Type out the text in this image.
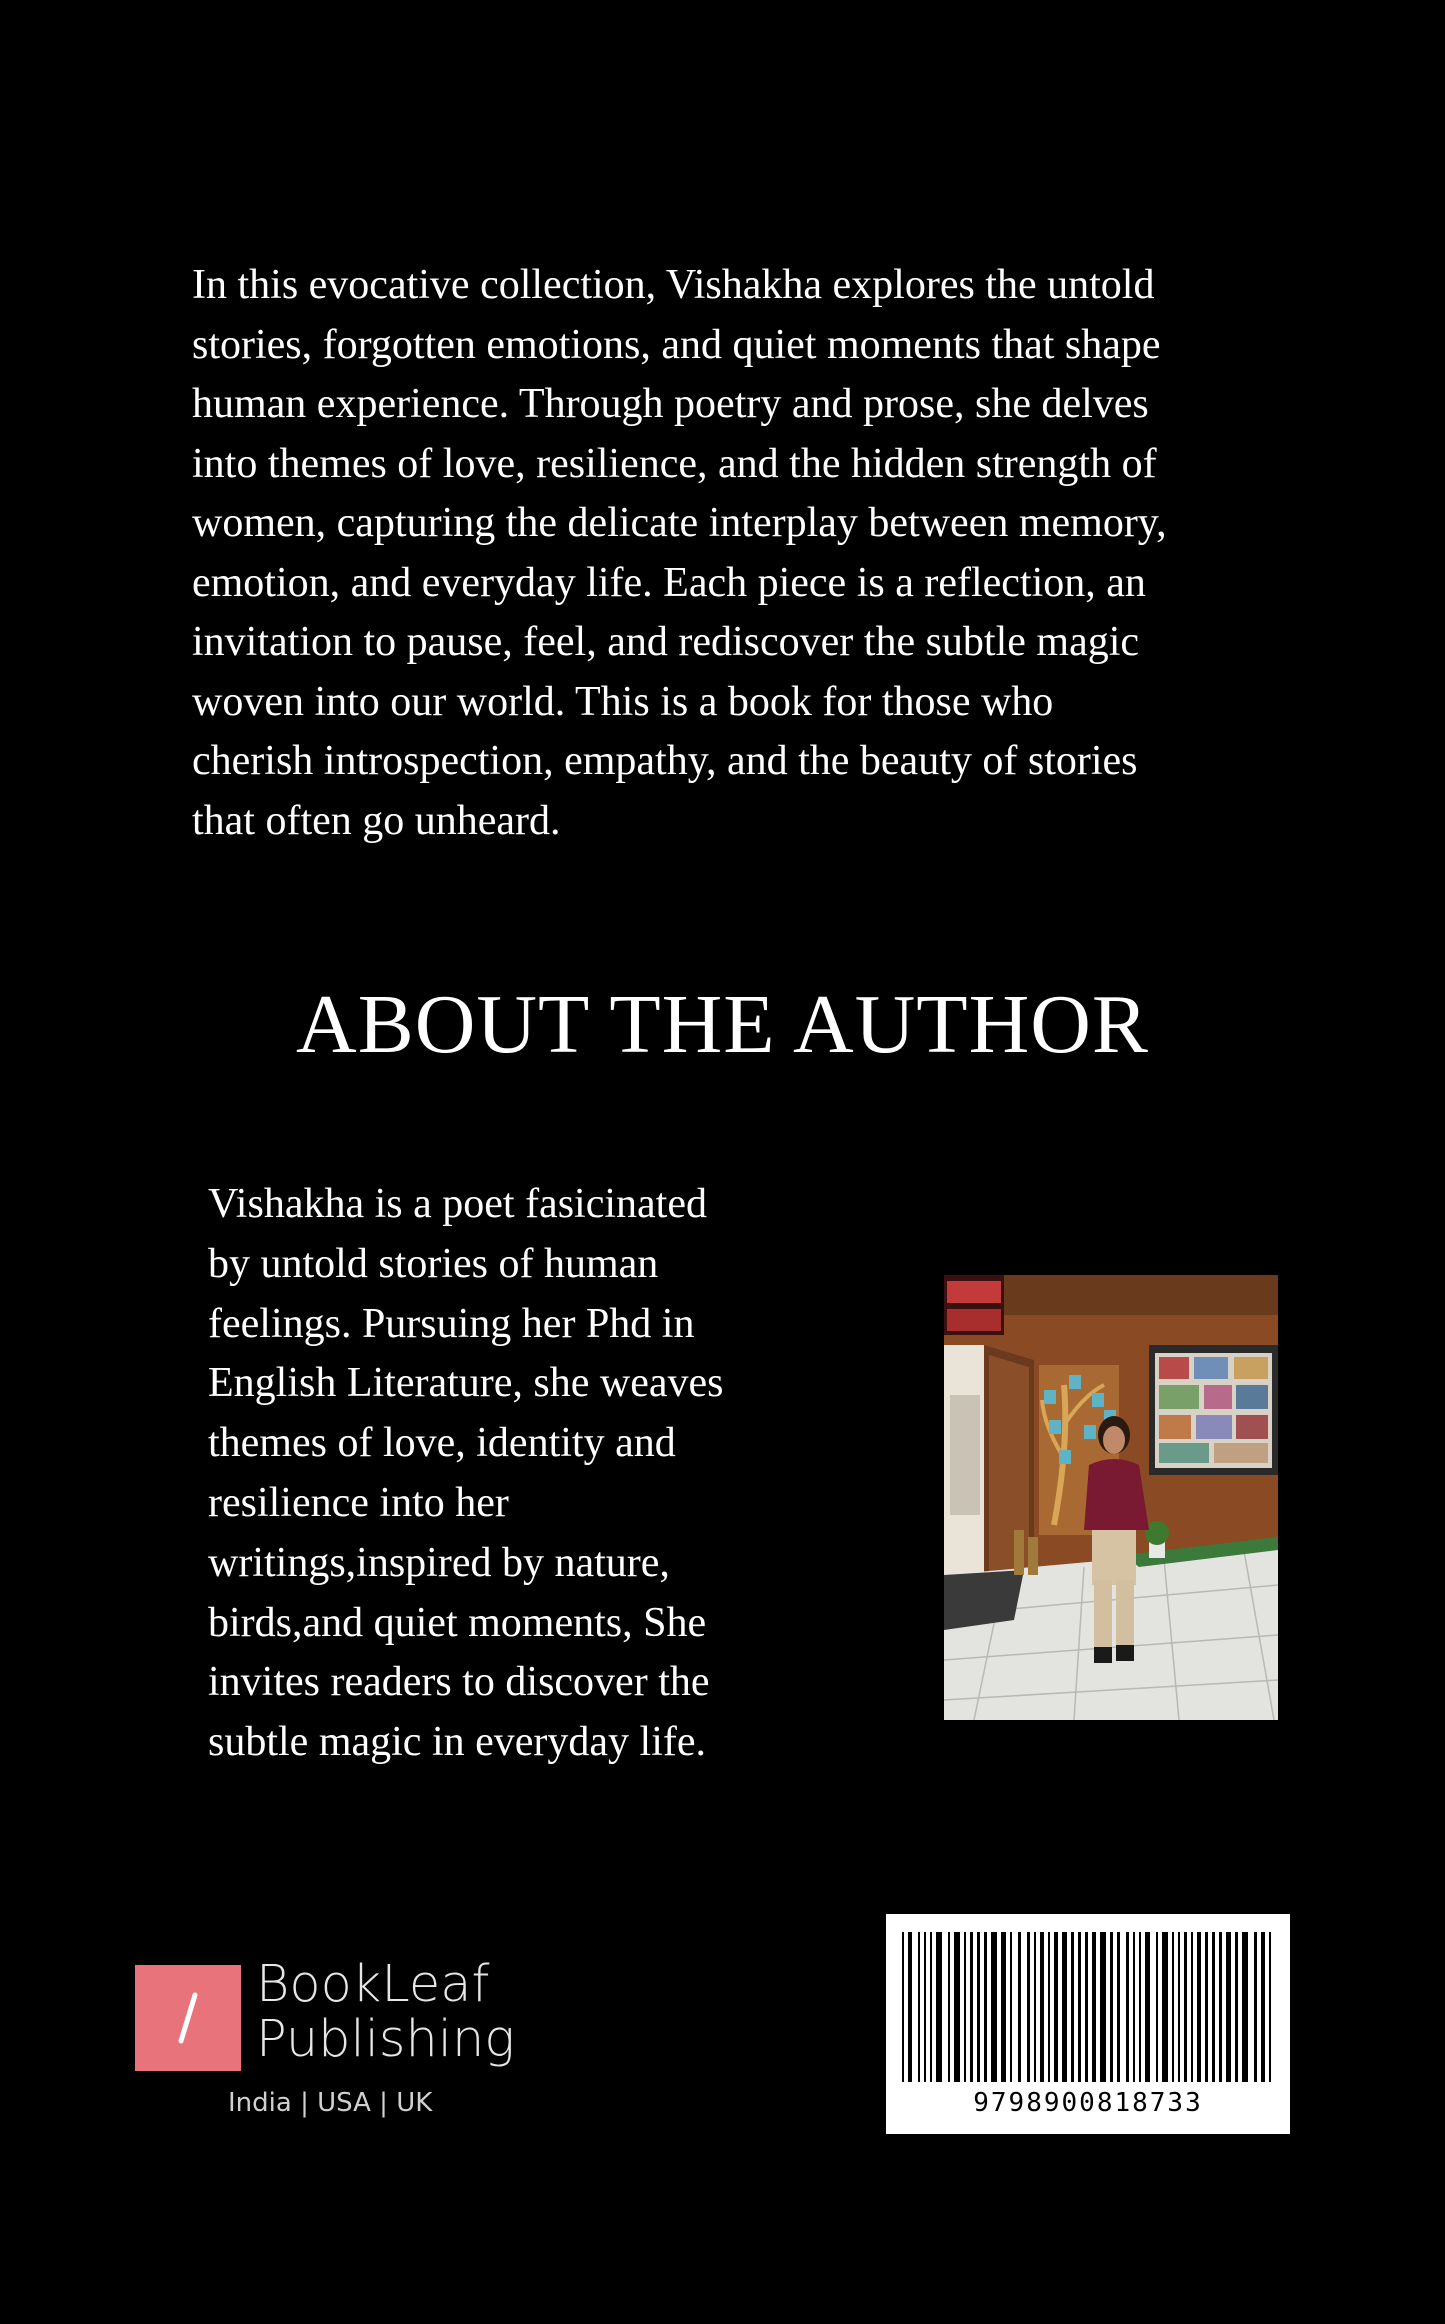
In this evocative collection, Vishakha explores the untold
stories, forgotten emotions, and quiet moments that shape
human experience. Through poetry and prose, she delves
into themes of love, resilience, and the hidden strength of
women, capturing the delicate interplay between memory,
emotion, and everyday life. Each piece is a reflection, an
invitation to pause, feel, and rediscover the subtle magic
woven into our world. This is a book for those who
cherish introspection, empathy, and the beauty of stories
that often go unheard.
ABOUT THE AUTHOR
Vishakha is a poet fasicinated
by untold stories of human
feelings. Pursuing her Phd in
English Literature, she weaves
themes of love, identity and
resilience into her
writings,inspired by nature,
birds,and quiet moments, She
invites readers to discover the
subtle magic in everyday life.
BookLeaf
Publishing
India | USA | UK	9798900818733
